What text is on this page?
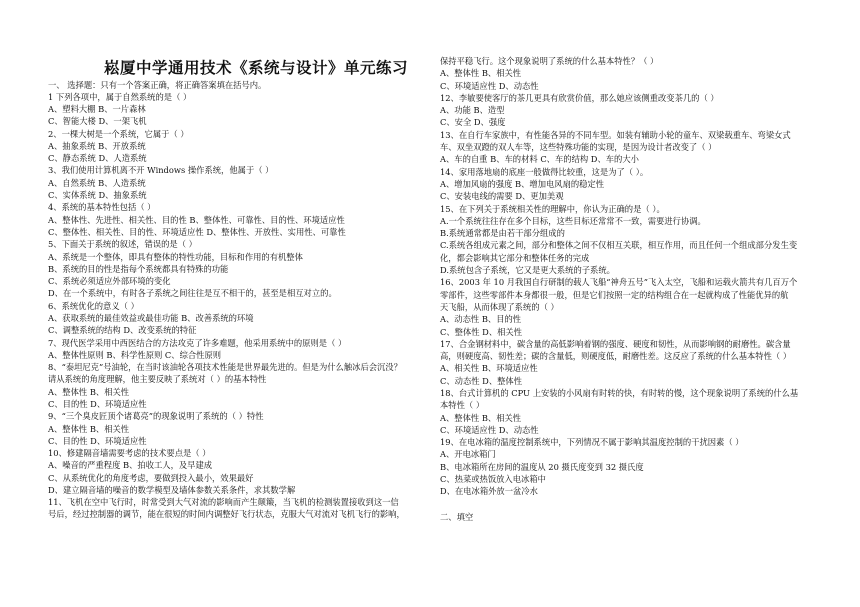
崧厦中学通用技术《系统与设计》单元练习
一、 选择题：只有一个答案正确，将正确答案填在括号内。
1 下列各项中，属于自然系统的是（ ）
A、塑料大棚 B、一片森林
C、智能大楼 D、一架飞机
2、一棵大树是一个系统，它属于（ ）
A、抽象系统 B、开放系统
C、静态系统 D、人造系统
3、我们使用计算机离不开 Windows 操作系统，他属于（ ）
A、自然系统 B、人造系统
C、实体系统 D、抽象系统
4、系统的基本特性包括（ ）
A、整体性、先进性、相关性、目的性 B、整体性、可靠性、目的性、环境适应性
C、整体性、相关性、目的性、环境适应性 D、整体性、开放性、实用性、可靠性
5、下面关于系统的叙述，错误的是（ ）
A、系统是一个整体，即具有整体的特性功能，目标和作用的有机整体
B、系统的目的性是指每个系统都具有特殊的功能
C、系统必须适应外部环境的变化
D、在一个系统中，有时各子系统之间往往是互不相干的，甚至是相互对立的。
6、系统优化的意义（ ）
A、获取系统的最佳效益或最佳功能 B、改善系统的环境
C、调整系统的结构 D、改变系统的特征
7、现代医学采用中西医结合的方法攻克了许多难题，他采用系统中的原则是（ ）
A、整体性原则 B、科学性原则 C、综合性原则
8、“泰坦尼克”号油轮，在当时该油轮各项技术性能是世界最先进的。但是为什么触冰后会沉没？
请从系统的角度理解，他主要反映了系统对（ ）的基本特性
A、整体性 B、相关性
C、目的性 D、环境适应性
9、“三个臭皮匠顶个诸葛亮”的现象说明了系统的（ ）特性
A、整体性 B、相关性
C、目的性 D、环境适应性
10、修建隔音墙需要考虑的技术要点是（ ）
A、噪音的严重程度 B、拍收工人，及早建成
C、从系统优化的角度考虑，要做到投入最小，效果最好
D、建立隔音墙的噪音的数学模型及墙体参数关系条件，求其数学解
11、飞机在空中飞行时，时常受到大气对流的影响而产生颠簸，当飞机的检测装置接收到这一信
号后，经过控制器的调节，能在很短的时间内调整好飞行状态，克服大气对流对飞机飞行的影响，
保持平稳飞行。这个现象说明了系统的什么基本特性？（ ）
A、整体性 B、相关性
C、环境适应性 D、动态性
12、李敏要使客厅的茶几更具有欣赏价值，那么她应该侧重改变茶几的（ ）
A、功能 B、造型
C、安全 D、强度
13、在自行车家族中，有性能各异的不同车型。如装有辅助小轮的童车、双梁载重车、弯梁女式
车、双坐双蹬的双人车等，这些特殊功能的实现，是因为设计者改变了（ ）
A、车的自重 B、车的材料 C、车的结构 D、车的大小
14、家用落地扇的底座一般做得比较重，这是为了（ ）。
A、增加风扇的强度 B、增加电风扇的稳定性
C、安装电线的需要 D、更加美观
15、在下列关于系统相关性的理解中，你认为正确的是（ ）。
A.一个系统往往存在多个目标，这些目标还常常不一致，需要进行协调。
B.系统通常都是由若干部分组成的
C.系统各组成元素之间，部分和整体之间不仅相互关联，相互作用，而且任何一个组成部分发生变
化，都会影响其它部分和整体任务的完成
D.系统包含子系统，它又是更大系统的子系统。
16、2003 年 10 月我国自行研制的载人飞船“神舟五号”飞入太空，飞船和运载火箭共有几百万个
零部件，这些零部件本身都很一般，但是它们按照一定的结构组合在一起就构成了性能优异的航
天飞船，从而体现了系统的（ ）
A、动态性 B、目的性
C、整体性 D、相关性
17、合金钢材料中，碳含量的高低影响着钢的强度、硬度和韧性，从而影响钢的耐磨性。碳含量
高，则硬度高、韧性差；碳的含量低，则硬度低，耐磨性差。这反应了系统的什么基本特性（ ）
A、相关性 B、环境适应性
C、动态性 D、整体性
18、台式计算机的 CPU 上安装的小风扇有时转的快，有时转的慢，这个现象说明了系统的什么基
本特性（ ）
A、整体性 B、相关性
C、环境适应性 D、动态性
19、在电冰箱的温度控制系统中，下列情况不属于影响其温度控制的干扰因素（ ）
A、开电冰箱门
B、电冰箱所在房间的温度从 20 摄氏度变到 32 摄氏度
C、热菜或热饭放入电冰箱中
D、在电冰箱外放一盆冷水
二、填空
